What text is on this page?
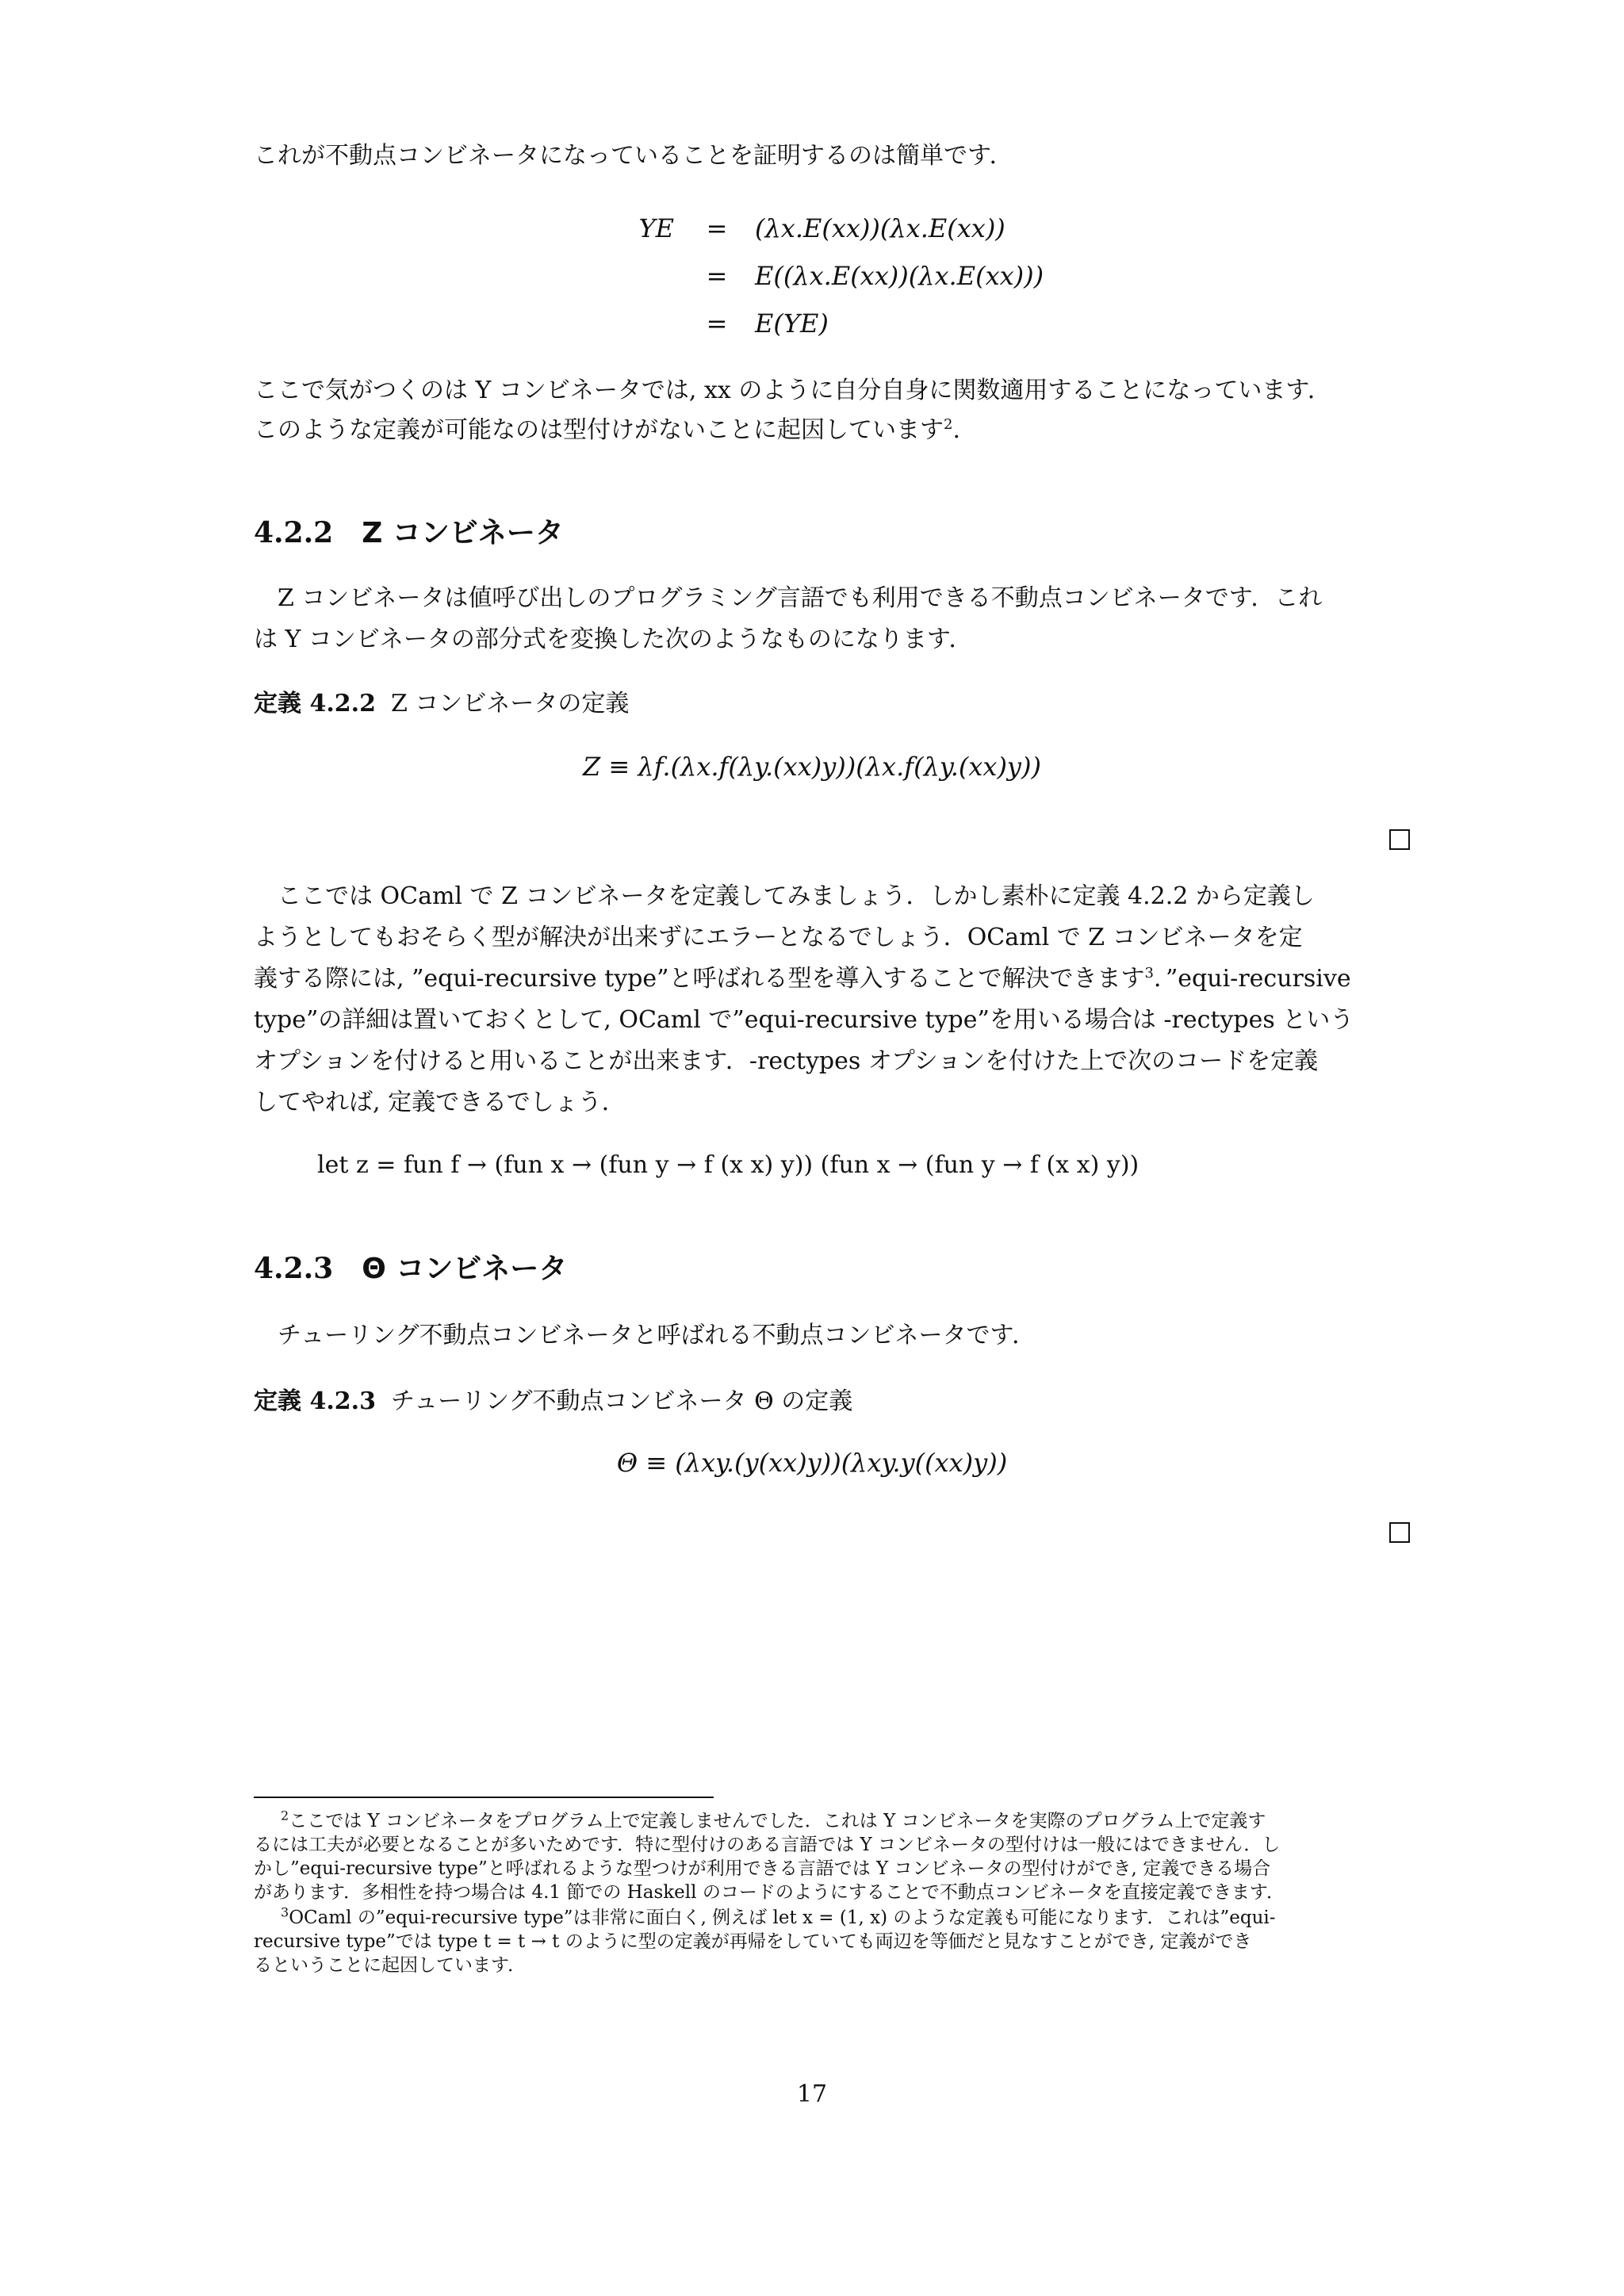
これが不動点コンビネータになっていることを証明するのは簡単です．

YE	=	(λx.E(xx))(λx.E(xx))
	=	E((λx.E(xx))(λx.E(xx)))
	=	E(YE)

ここで気がつくのは Y コンビネータでは, xx のように自分自身に関数適用することになっています．

このような定義が可能なのは型付けがないことに起因しています$^2$.

4.2.2 Z コンビネータ

Z コンビネータは値呼び出しのプログラミング言語でも利用できる不動点コンビネータです．これ

は Y コンビネータの部分式を変換した次のようなものになります．

定義 4.2.2 Z コンビネータの定義

Z ≡ λf.(λx.f(λy.(xx)y))(λx.f(λy.(xx)y))

ここでは OCaml で Z コンビネータを定義してみましょう．しかし素朴に定義 4.2.2 から定義し

ようとしてもおそらく型が解決が出来ずにエラーとなるでしょう．OCaml で Z コンビネータを定

義する際には, ”equi-recursive type”と呼ばれる型を導入することで解決できます$^3$．”equi-recursive

type”の詳細は置いておくとして, OCaml で”equi-recursive type”を用いる場合は -rectypes という

オプションを付けると用いることが出来ます．-rectypes オプションを付けた上で次のコードを定義

してやれば, 定義できるでしょう．

let z = fun f → (fun x → (fun y → f (x x) y)) (fun x → (fun y → f (x x) y))
4.2.3 Θ コンビネータ

チューリング不動点コンビネータと呼ばれる不動点コンビネータです．

定義 4.2.3 チューリング不動点コンビネータ Θ の定義

Θ ≡ (λxy.(y(xx)y))(λxy.y((xx)y))

$^2$ここでは Y コンビネータをプログラム上で定義しませんでした．これは Y コンビネータを実際のプログラム上で定義す

るには工夫が必要となることが多いためです．特に型付けのある言語では Y コンビネータの型付けは一般にはできません．し

かし”equi-recursive type”と呼ばれるような型つけが利用できる言語では Y コンビネータの型付けができ, 定義できる場合

があります．多相性を持つ場合は 4.1 節での Haskell のコードのようにすることで不動点コンビネータを直接定義できます．

$^3$OCaml の”equi-recursive type”は非常に面白く, 例えば let x = (1, x) のような定義も可能になります．これは”equi-

recursive type”では type t = t → t のように型の定義が再帰をしていても両辺を等価だと見なすことができ, 定義ができ

るということに起因しています．

17
